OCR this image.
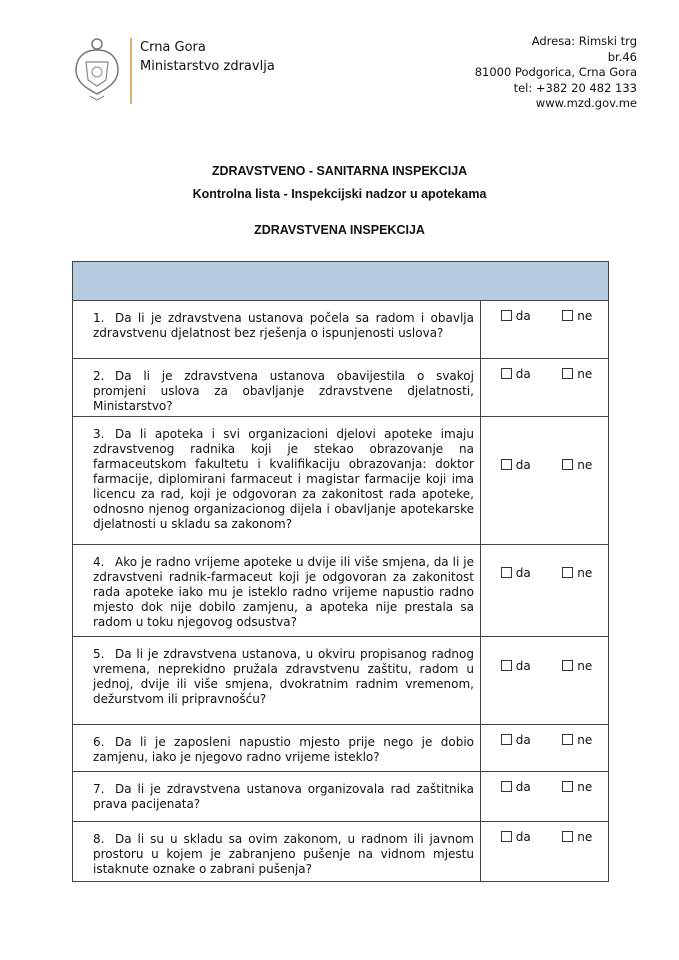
Crna Gora
Ministarstvo zdravlja
Adresa: Rimski trg
br.46
81000 Podgorica, Crna Gora
tel: +382 20 482 133
www.mzd.gov.me
ZDRAVSTVENO - SANITARNA INSPEKCIJA
Kontrolna lista - Inspekcijski nadzor u apotekama
ZDRAVSTVENA INSPEKCIJA

1. Da li je zdravstvena ustanova počela sa radom i obavlja zdravstvenu djelatnost bez rješenja o ispunjenosti uslova?	da ne

2. Da li je zdravstvena ustanova obavijestila o svakoj promjeni uslova za obavljanje zdravstvene djelatnosti, Ministarstvo?	da ne

3. Da li apoteka i svi organizacioni djelovi apoteke imaju zdravstvenog radnika koji je stekao obrazovanje na farmaceutskom fakultetu i kvalifikaciju obrazovanja: doktor farmacije, diplomirani farmaceut i magistar farmacije koji ima licencu za rad, koji je odgovoran za zakonitost rada apoteke, odnosno njenog organizacionog dijela i obavljanje apotekarske djelatnosti u skladu sa zakonom?	da ne

4. Ako je radno vrijeme apoteke u dvije ili više smjena, da li je zdravstveni radnik-farmaceut koji je odgovoran za zakonitost rada apoteke iako mu je isteklo radno vrijeme napustio radno mjesto dok nije dobilo zamjenu, a apoteka nije prestala sa radom u toku njegovog odsustva?	da ne

5. Da li je zdravstvena ustanova, u okviru propisanog radnog vremena, neprekidno pružala zdravstvenu zaštitu, radom u jednoj, dvije ili više smjena, dvokratnim radnim vremenom, dežurstvom ili pripravnošću?	da ne

6. Da li je zaposleni napustio mjesto prije nego je dobio zamjenu, iako je njegovo radno vrijeme isteklo?	da ne

7. Da li je zdravstvena ustanova organizovala rad zaštitnika prava pacijenata?	da ne

8. Da li su u skladu sa ovim zakonom, u radnom ili javnom prostoru u kojem je zabranjeno pušenje na vidnom mjestu istaknute oznake o zabrani pušenja?	da ne
